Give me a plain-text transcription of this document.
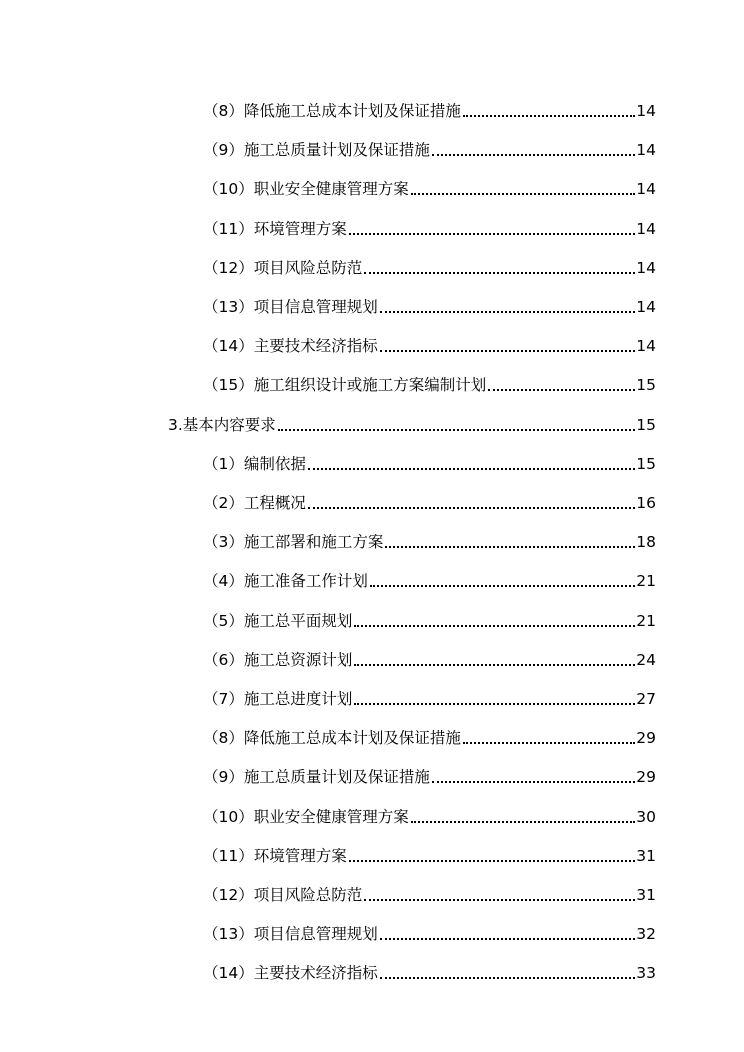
（8）降低施工总成本计划及保证措施	14
（9）施工总质量计划及保证措施	14
（10）职业安全健康管理方案	14
（11）环境管理方案	14
（12）项目风险总防范	14
（13）项目信息管理规划	14
（14）主要技术经济指标	14
（15）施工组织设计或施工方案编制计划	15
3.基本内容要求	15
（1）编制依据	15
（2）工程概况	16
（3）施工部署和施工方案	18
（4）施工准备工作计划	21
（5）施工总平面规划	21
（6）施工总资源计划	24
（7）施工总进度计划	27
（8）降低施工总成本计划及保证措施	29
（9）施工总质量计划及保证措施	29
（10）职业安全健康管理方案	30
（11）环境管理方案	31
（12）项目风险总防范	31
（13）项目信息管理规划	32
（14）主要技术经济指标	33
